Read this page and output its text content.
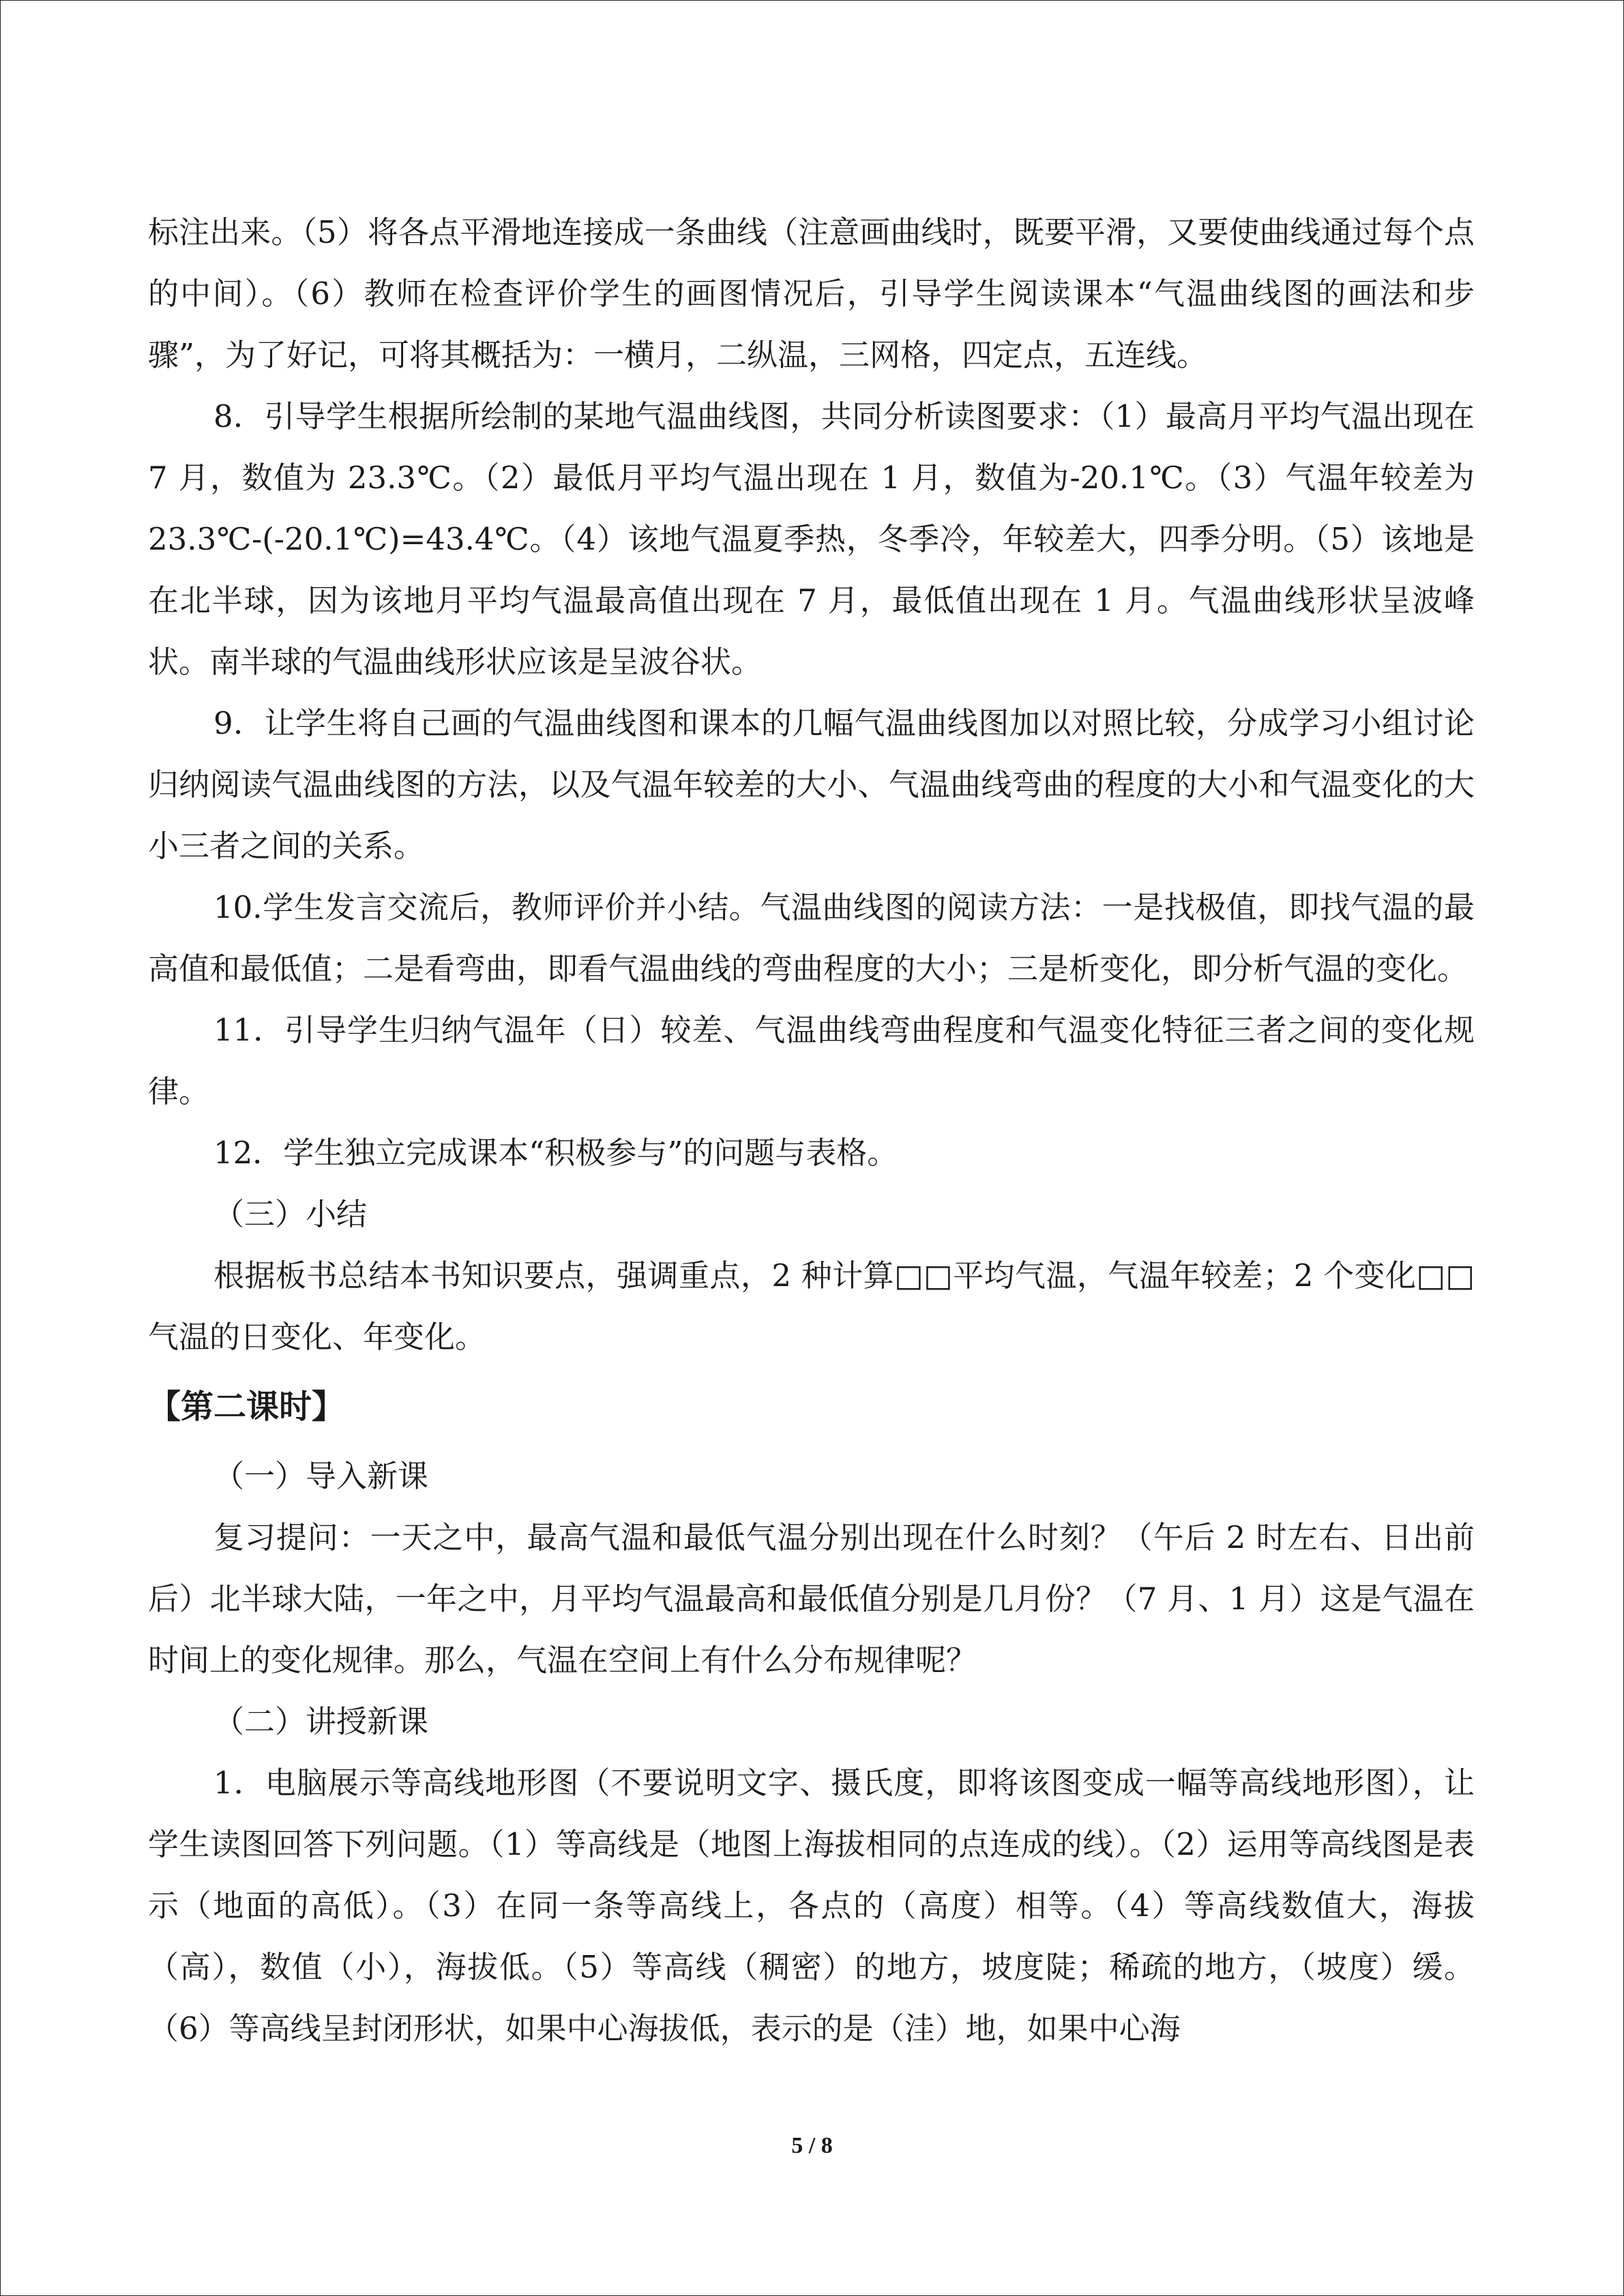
标注出来。（5）将各点平滑地连接成一条曲线（注意画曲线时，既要平滑，又要使曲线通过每个点的中间）。（6）教师在检查评价学生的画图情况后，引导学生阅读课本“气温曲线图的画法和步骤”，为了好记，可将其概括为：一横月，二纵温，三网格，四定点，五连线。

8．引导学生根据所绘制的某地气温曲线图，共同分析读图要求：（1）最高月平均气温出现在 7 月，数值为 23.3℃。（2）最低月平均气温出现在 1 月，数值为-20.1℃。（3）气温年较差为 23.3℃-(-20.1℃)=43.4℃。（4）该地气温夏季热，冬季冷，年较差大，四季分明。（5）该地是在北半球，因为该地月平均气温最高值出现在 7 月，最低值出现在 1 月。气温曲线形状呈波峰状。南半球的气温曲线形状应该是呈波谷状。

9．让学生将自己画的气温曲线图和课本的几幅气温曲线图加以对照比较，分成学习小组讨论归纳阅读气温曲线图的方法，以及气温年较差的大小、气温曲线弯曲的程度的大小和气温变化的大小三者之间的关系。

10.学生发言交流后，教师评价并小结。气温曲线图的阅读方法：一是找极值，即找气温的最高值和最低值；二是看弯曲，即看气温曲线的弯曲程度的大小；三是析变化，即分析气温的变化。

11．引导学生归纳气温年（日）较差、气温曲线弯曲程度和气温变化特征三者之间的变化规律。

12．学生独立完成课本“积极参与”的问题与表格。

（三）小结

根据板书总结本书知识要点，强调重点，2 种计算□□平均气温，气温年较差；2 个变化□□气温的日变化、年变化。

【第二课时】

（一）导入新课

复习提问：一天之中，最高气温和最低气温分别出现在什么时刻？（午后 2 时左右、日出前后）北半球大陆，一年之中，月平均气温最高和最低值分别是几月份？（7 月、1 月）这是气温在时间上的变化规律。那么，气温在空间上有什么分布规律呢？

（二）讲授新课

1．电脑展示等高线地形图（不要说明文字、摄氏度，即将该图变成一幅等高线地形图），让学生读图回答下列问题。（1）等高线是（地图上海拔相同的点连成的线）。（2）运用等高线图是表示（地面的高低）。（3）在同一条等高线上，各点的（高度）相等。（4）等高线数值大，海拔（高），数值（小），海拔低。（5）等高线（稠密）的地方，坡度陡；稀疏的地方，（坡度）缓。（6）等高线呈封闭形状，如果中心海拔低，表示的是（洼）地，如果中心海

5 / 8
